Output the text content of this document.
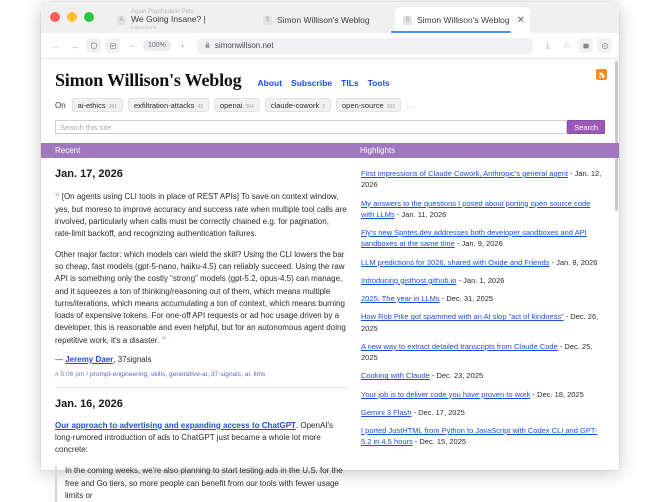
A
Again Psychedelic Pets
We Going Insane? |
Laboritone
S Simon Willison's Weblog	S Simon Willison's Weblog ✕
←	→	−	100%	+	simonwillson.net	⤓	☆
Simon Willison's Weblog About Subscribe TILs Tools
On ai-ethics 281 exfiltration-attacks 43 openai 504 claude-cowork 2 open-source 283 …
Search this site
Search
Recent	Highlights
Jan. 17, 2026

“ [On agents using CLI tools in place of REST APIs] To save on context window, yes, but moreso to improve accuracy and success rate when multiple tool calls are involved, particularly when calls must be correctly chained e.g. for pagination, rate-limit backoff, and recognizing authentication failures.

Other major factor: which models can wield the skill? Using the CLI lowers the bar so cheap, fast models (gpt-5-nano, haiku-4.5) can reliably succeed. Using the raw API is something only the costly “strong” models (gpt-5.2, opus-4.5) can manage, and it squeezes a ton of thinking/reasoning out of them, which means multiple turns/iterations, which means accumulating a ton of context, which means burning loads of expensive tokens. For one-off API requests or ad hoc usage driven by a developer, this is reasonable and even helpful, but for an autonomous agent doing repetitive work, it's a disaster. ”

— Jeremy Daer, 37signals

# 5:06 pm / prompt-engineering, skills, generative-ai, 37-signals, ai, llms

Jan. 16, 2026

Our approach to advertising and expanding access to ChatGPT. OpenAI's long-rumored introduction of ads to ChatGPT just became a whole lot more concrete:

In the coming weeks, we're also planning to start testing ads in the U.S. for the free and Go tiers, so more people can benefit from our tools with fewer usage limits or

First impressions of Claude Cowork, Anthropic's general agent - Jan. 12, 2026
My answers to the questions I posed about porting open source code with LLMs - Jan. 11, 2026
Fly's new Sprites.dev addresses both developer sandboxes and API sandboxes at the same time - Jan. 9, 2026
LLM predictions for 2026, shared with Oxide and Friends - Jan. 8, 2026
Introducing gisthost.github.io - Jan. 1, 2026
2025: The year in LLMs - Dec. 31, 2025
How Rob Pike got spammed with an AI slop “act of kindness” - Dec. 26, 2025
A new way to extract detailed transcripts from Claude Code - Dec. 25, 2025
Cooking with Claude - Dec. 23, 2025
Your job is to deliver code you have proven to work - Dec. 18, 2025
Gemini 3 Flash - Dec. 17, 2025
I ported JustHTML from Python to JavaScript with Codex CLI and GPT-5.2 in 4.5 hours - Dec. 15, 2025
